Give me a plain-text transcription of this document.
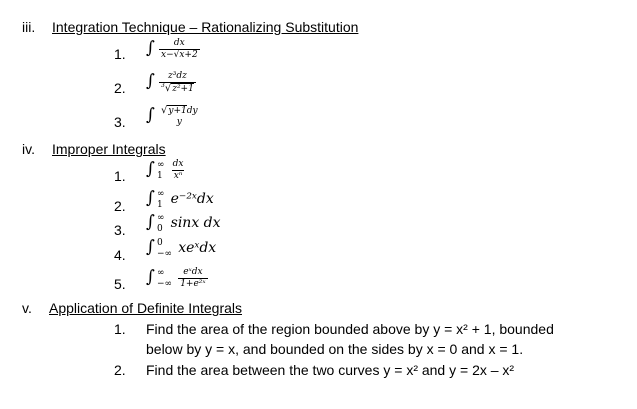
iii. Integration Technique – Rationalizing Substitution
1. ∫ $\frac{dx}{x-√x+2}$
2. ∫ $\frac{\text{z³dz}}{^3√z^2+1}$
3. ∫ √y+1dy
y
iv. Improper Integrals
1. ∫ ∞
1
$\frac{dx}{\text{xⁿ}}$
2. ∫ ∞
1 e⁻²ˣdx
3. ∫ ∞
0 sinx dx
4. ∫ 0
−∞ xeˣdx
5. ∫ ∞
−∞
$\frac{\text{eˣdx}}{\text{1+e²ˣ}}$
v. Application of Definite Integrals
1. Find the area of the region bounded above by y = x² + 1, bounded
below by y = x, and bounded on the sides by x = 0 and x = 1.
2. Find the area between the two curves y = x² and y = 2x – x²
